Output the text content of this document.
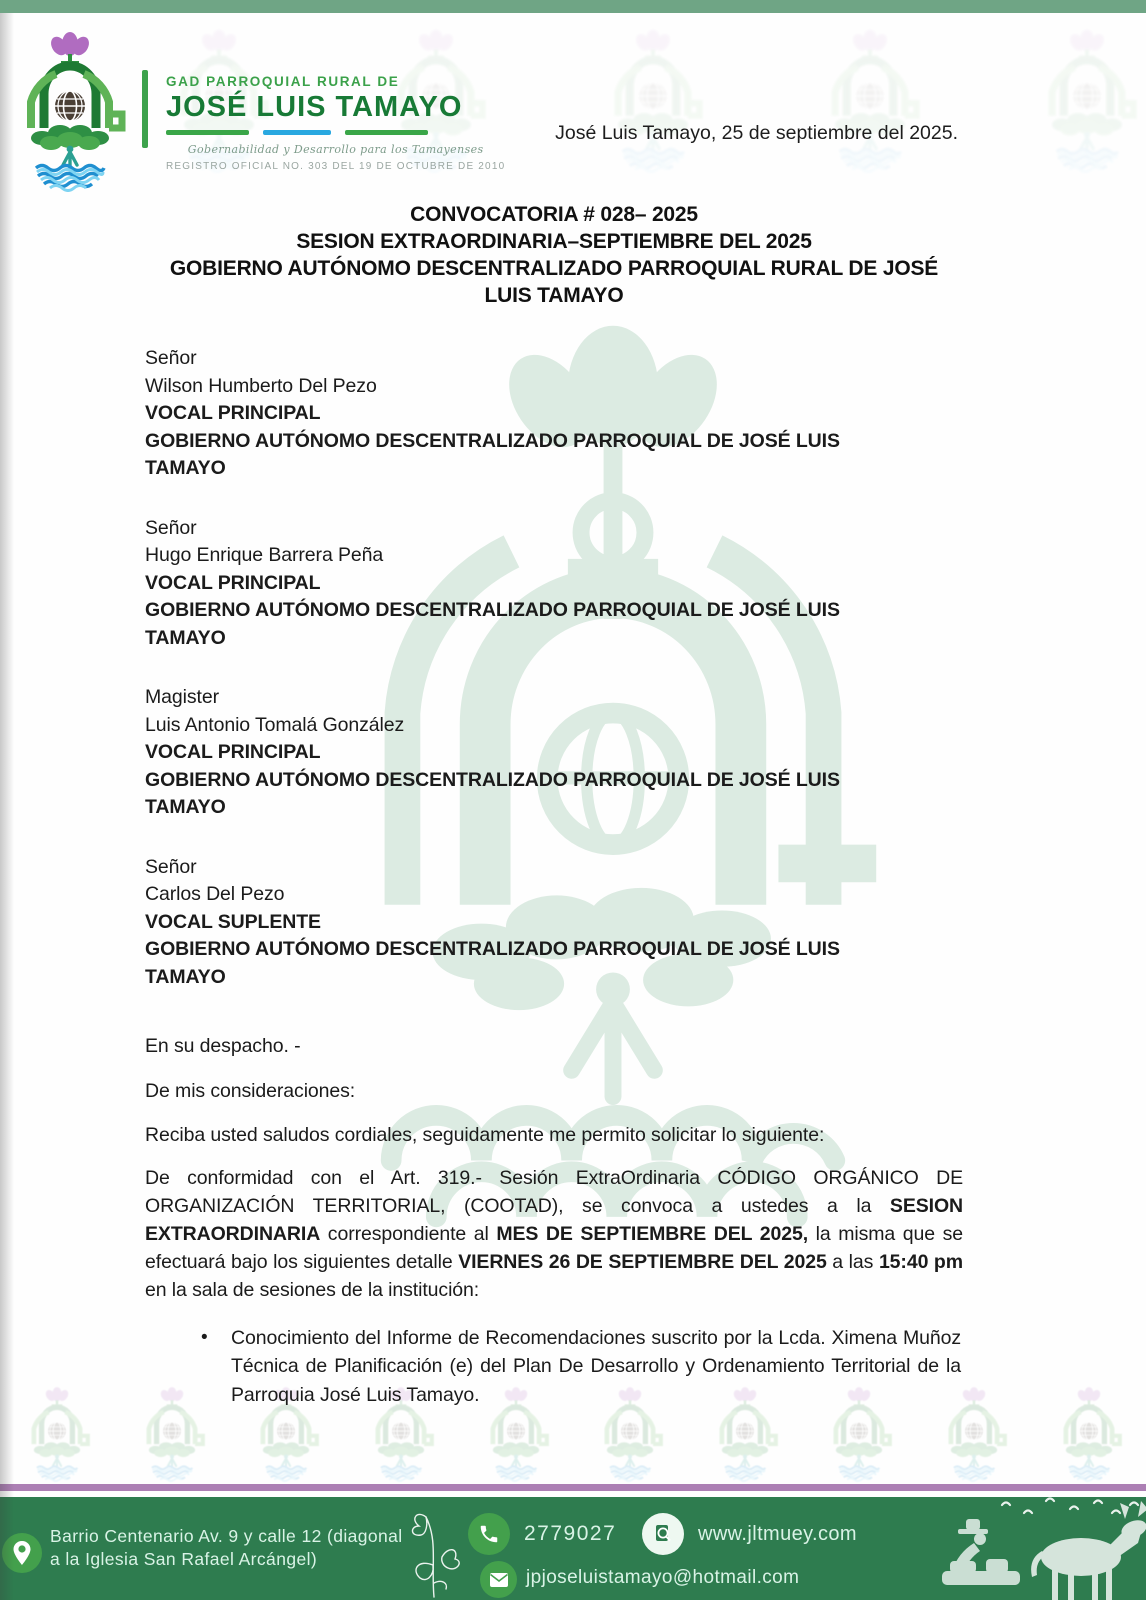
GAD PARROQUIAL RURAL DE
JOSÉ LUIS TAMAYO
Gobernabilidad y Desarrollo para los Tamayenses
REGISTRO OFICIAL NO. 303 DEL 19 DE OCTUBRE DE 2010
José Luis Tamayo, 25 de septiembre del 2025.
CONVOCATORIA # 028– 2025
SESION EXTRAORDINARIA–SEPTIEMBRE DEL 2025
GOBIERNO AUTÓNOMO DESCENTRALIZADO PARROQUIAL RURAL DE JOSÉ
LUIS TAMAYO
Señor
Wilson Humberto Del Pezo
VOCAL PRINCIPAL
GOBIERNO AUTÓNOMO DESCENTRALIZADO PARROQUIAL DE JOSÉ LUIS
TAMAYO
Señor
Hugo Enrique Barrera Peña
VOCAL PRINCIPAL
GOBIERNO AUTÓNOMO DESCENTRALIZADO PARROQUIAL DE JOSÉ LUIS
TAMAYO
Magister
Luis Antonio Tomalá González
VOCAL PRINCIPAL
GOBIERNO AUTÓNOMO DESCENTRALIZADO PARROQUIAL DE JOSÉ LUIS
TAMAYO
Señor
Carlos Del Pezo
VOCAL SUPLENTE
GOBIERNO AUTÓNOMO DESCENTRALIZADO PARROQUIAL DE JOSÉ LUIS
TAMAYO

En su despacho. -

De mis consideraciones:

Reciba usted saludos cordiales, seguidamente me permito solicitar lo siguiente:

De conformidad con el Art. 319.- Sesión ExtraOrdinaria CÓDIGO ORGÁNICO DE ORGANIZACIÓN TERRITORIAL, (COOTAD), se convoca a ustedes a la SESION EXTRAORDINARIA correspondiente al MES DE SEPTIEMBRE DEL 2025, la misma que se efectuará bajo los siguientes detalle VIERNES 26 DE SEPTIEMBRE DEL 2025 a las 15:40 pm en la sala de sesiones de la institución:

•	Conocimiento del Informe de Recomendaciones suscrito por la Lcda. Ximena Muñoz Técnica de Planificación (e) del Plan De Desarrollo y Ordenamiento Territorial de la Parroquia José Luis Tamayo.
Barrio Centenario Av. 9 y calle 12 (diagonal a la Iglesia San Rafael Arcángel)
2779027	www.jltmuey.com
jpjoseluistamayo@hotmail.com
